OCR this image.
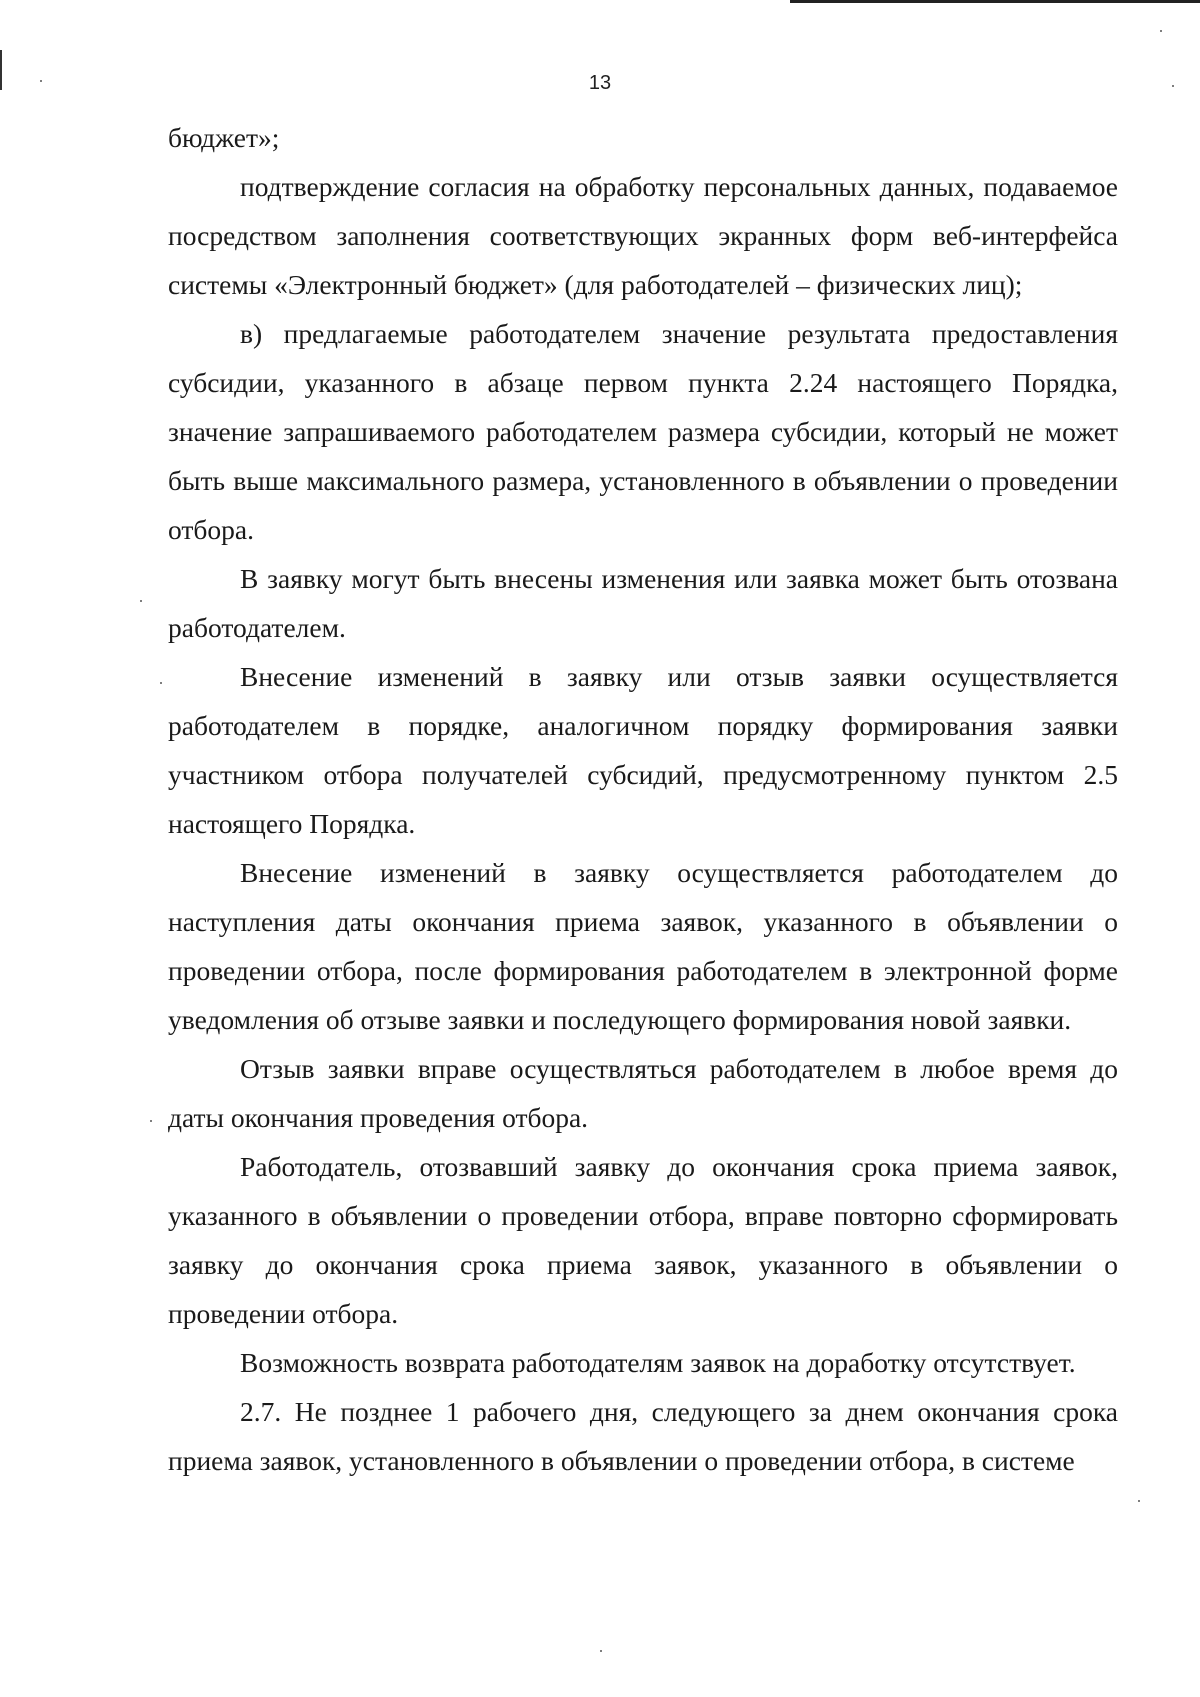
13

бюджет»;

подтверждение согласия на обработку персональных данных, подаваемое посредством заполнения соответствующих экранных форм веб-интерфейса системы «Электронный бюджет» (для работодателей – физических лиц);

в) предлагаемые работодателем значение результата предоставления субсидии, указанного в абзаце первом пункта 2.24 настоящего Порядка, значение запрашиваемого работодателем размера субсидии, который не может быть выше максимального размера, установленного в объявлении о проведении отбора.

В заявку могут быть внесены изменения или заявка может быть отозвана работодателем.

Внесение изменений в заявку или отзыв заявки осуществляется работодателем в порядке, аналогичном порядку формирования заявки участником отбора получателей субсидий, предусмотренному пунктом 2.5 настоящего Порядка.

Внесение изменений в заявку осуществляется работодателем до наступления даты окончания приема заявок, указанного в объявлении о проведении отбора, после формирования работодателем в электронной форме уведомления об отзыве заявки и последующего формирования новой заявки.

Отзыв заявки вправе осуществляться работодателем в любое время до даты окончания проведения отбора.

Работодатель, отозвавший заявку до окончания срока приема заявок, указанного в объявлении о проведении отбора, вправе повторно сформировать заявку до окончания срока приема заявок, указанного в объявлении о проведении отбора.

Возможность возврата работодателям заявок на доработку отсутствует.

2.7. Не позднее 1 рабочего дня, следующего за днем окончания срока приема заявок, установленного в объявлении о проведении отбора, в системе
